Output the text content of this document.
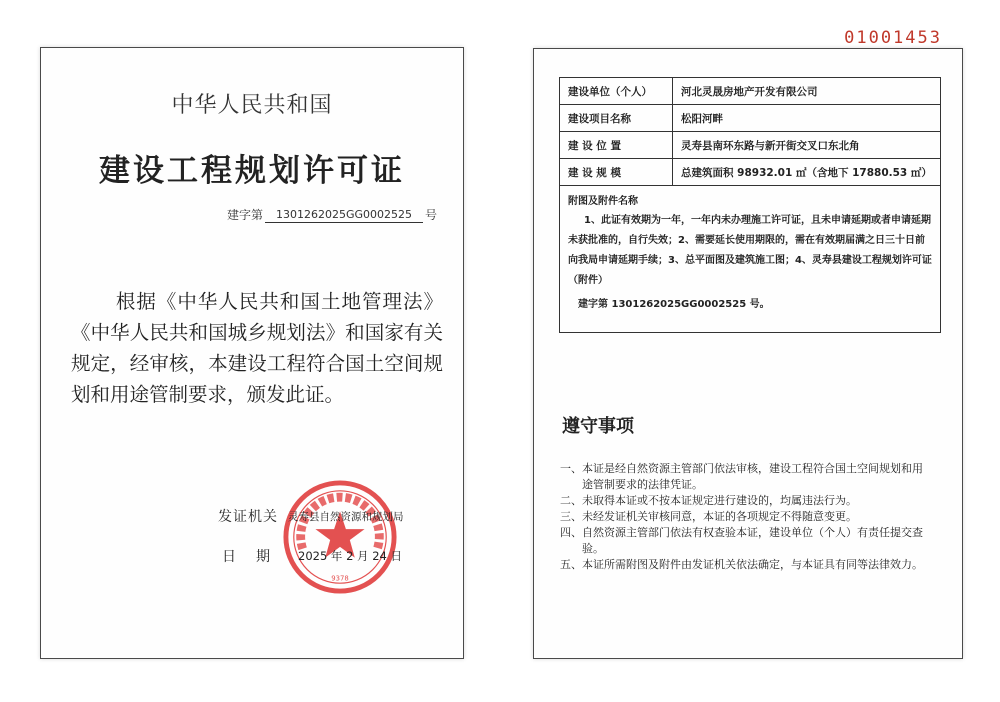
01001453
中华人民共和国
建设工程规划许可证
建字第	1301262025GG0002525	号
根据《中华人民共和国土地管理法》《中华人民共和国城乡规划法》和国家有关规定，经审核，本建设工程符合国土空间规划和用途管制要求，颁发此证。
9378
发证机关 灵寿县自然资源和规划局
日期 2025 年 2 月 24 日
建设单位（个人）	河北灵晟房地产开发有限公司
建设项目名称	松阳河畔
建 设 位 置	灵寿县南环东路与新开街交叉口东北角
建 设 规 模	总建筑面积 98932.01 ㎡（含地下 17880.53 ㎡）

附图及附件名称
1、此证有效期为一年，一年内未办理施工许可证，且未申请延期或者申请延期未获批准的，自行失效；2、需要延长使用期限的，需在有效期届满之日三十日前向我局申请延期手续；3、总平面图及建筑施工图；4、灵寿县建设工程规划许可证（附件）
建字第 1301262025GG0002525 号。	
遵守事项
一、 本证是经自然资源主管部门依法审核，建设工程符合国土空间规划和用途管制要求的法律凭证。
二、 未取得本证或不按本证规定进行建设的，均属违法行为。
三、 未经发证机关审核同意，本证的各项规定不得随意变更。
四、 自然资源主管部门依法有权查验本证，建设单位（个人）有责任提交查验。
五、 本证所需附图及附件由发证机关依法确定，与本证具有同等法律效力。
